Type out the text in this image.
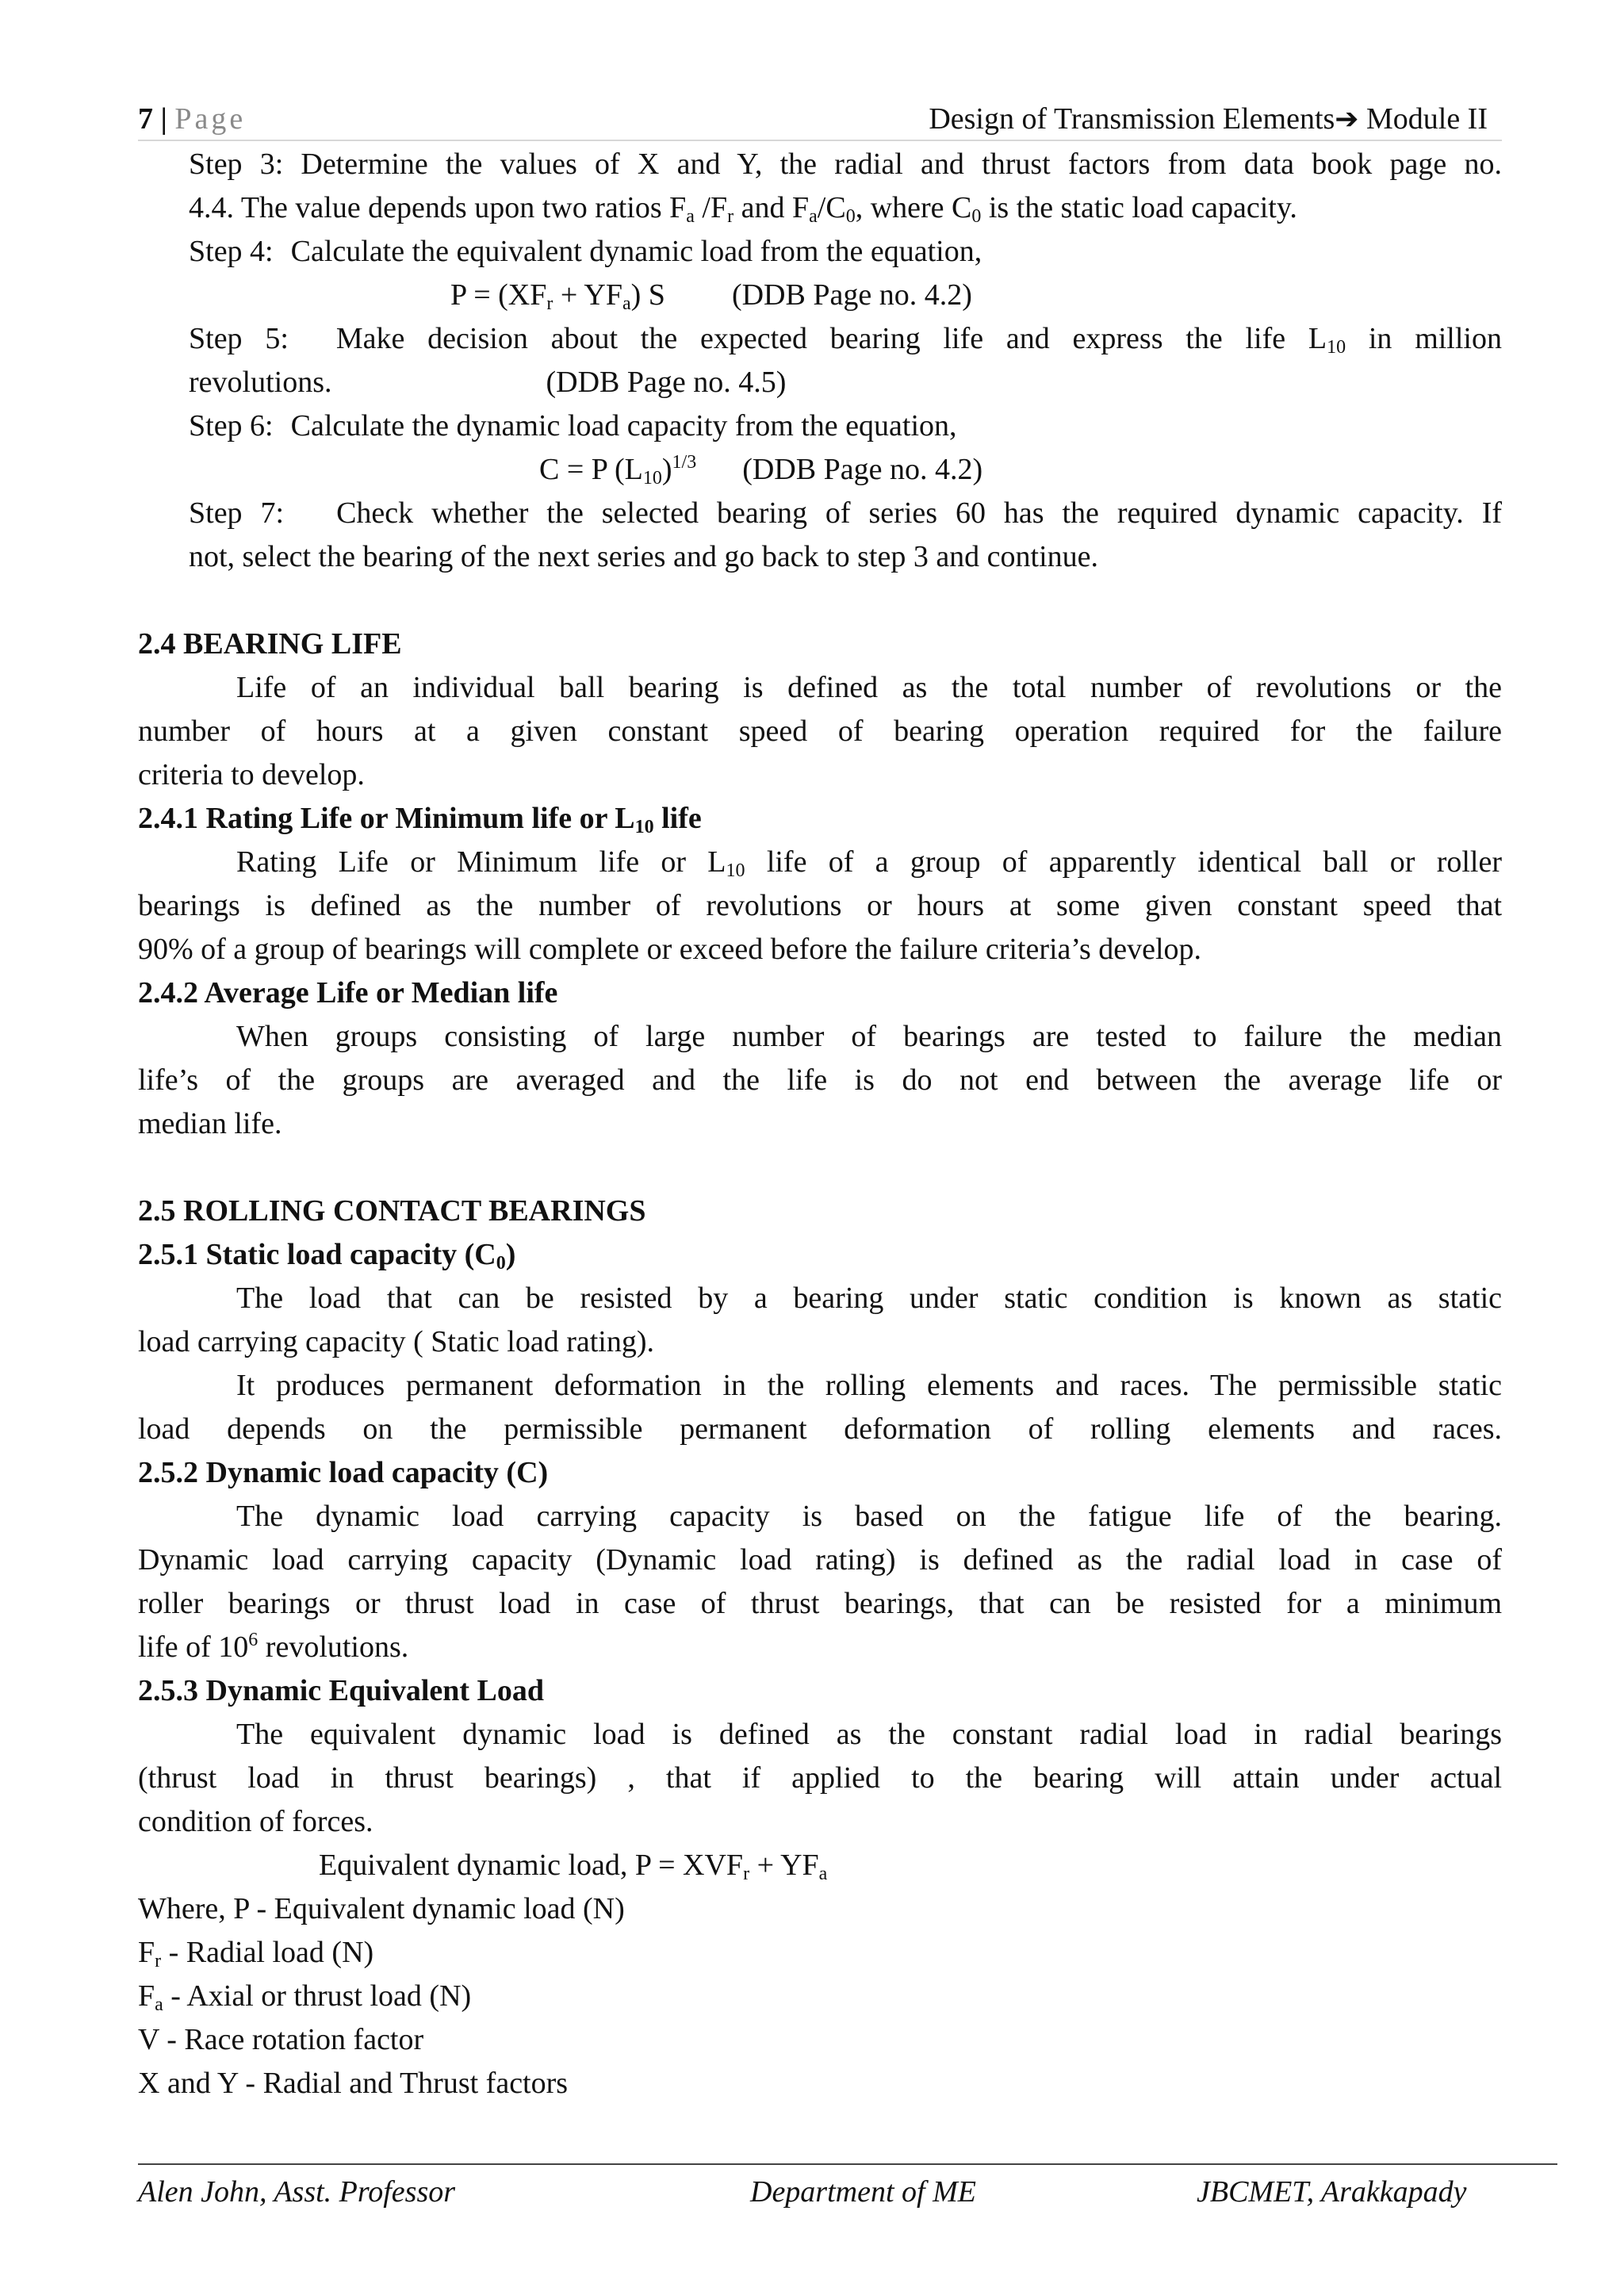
7 | Page	Design of Transmission Elements➔ Module II
Step 3: Determine the values of X and Y, the radial and thrust factors from data book page no.
4.4. The value depends upon two ratios $F_a$ $/F_r$ and $F_a/C_0$, where $C_0$ is the static load capacity.
Step 4: Calculate the equivalent dynamic load from the equation,
$P = (XF_r + YF_a)$ S (DDB Page no. 4.2)
Step 5: Make decision about the expected bearing life and express the life $L_{10}$ in million
revolutions.	(DDB Page no. 4.5)
Step 6: Calculate the dynamic load capacity from the equation,
C = P $(L_{10})^{1/3}$ (DDB Page no. 4.2)
Step 7: Check whether the selected bearing of series 60 has the required dynamic capacity. If
not, select the bearing of the next series and go back to step 3 and continue.
2.4 BEARING LIFE
Life of an individual ball bearing is defined as the total number of revolutions or the
number of hours at a given constant speed of bearing operation required for the failure
criteria to develop.
2.4.1 Rating Life or Minimum life or $L_{10}$ life
Rating Life or Minimum life or $L_{10}$ life of a group of apparently identical ball or roller
bearings is defined as the number of revolutions or hours at some given constant speed that
90% of a group of bearings will complete or exceed before the failure criteria’s develop.
2.4.2 Average Life or Median life
When groups consisting of large number of bearings are tested to failure the median
life’s of the groups are averaged and the life is do not end between the average life or
median life.
2.5 ROLLING CONTACT BEARINGS
2.5.1 Static load capacity $(C_0)$
The load that can be resisted by a bearing under static condition is known as static
load carrying capacity ( Static load rating).
It produces permanent deformation in the rolling elements and races. The permissible static
load depends on the permissible permanent deformation of rolling elements and races.
2.5.2 Dynamic load capacity (C)
The dynamic load carrying capacity is based on the fatigue life of the bearing.
Dynamic load carrying capacity (Dynamic load rating) is defined as the radial load in case of
roller bearings or thrust load in case of thrust bearings, that can be resisted for a minimum
life of $10^6$ revolutions.
2.5.3 Dynamic Equivalent Load
The equivalent dynamic load is defined as the constant radial load in radial bearings
(thrust load in thrust bearings) , that if applied to the bearing will attain under actual
condition of forces.
Equivalent dynamic load, $P = XVF_r + YF_a$
Where, P - Equivalent dynamic load (N)
$F_r$ - Radial load (N)
$F_a$ - Axial or thrust load (N)
V - Race rotation factor
X and Y - Radial and Thrust factors
Alen John, Asst. Professor	Department of ME	JBCMET, Arakkapady
